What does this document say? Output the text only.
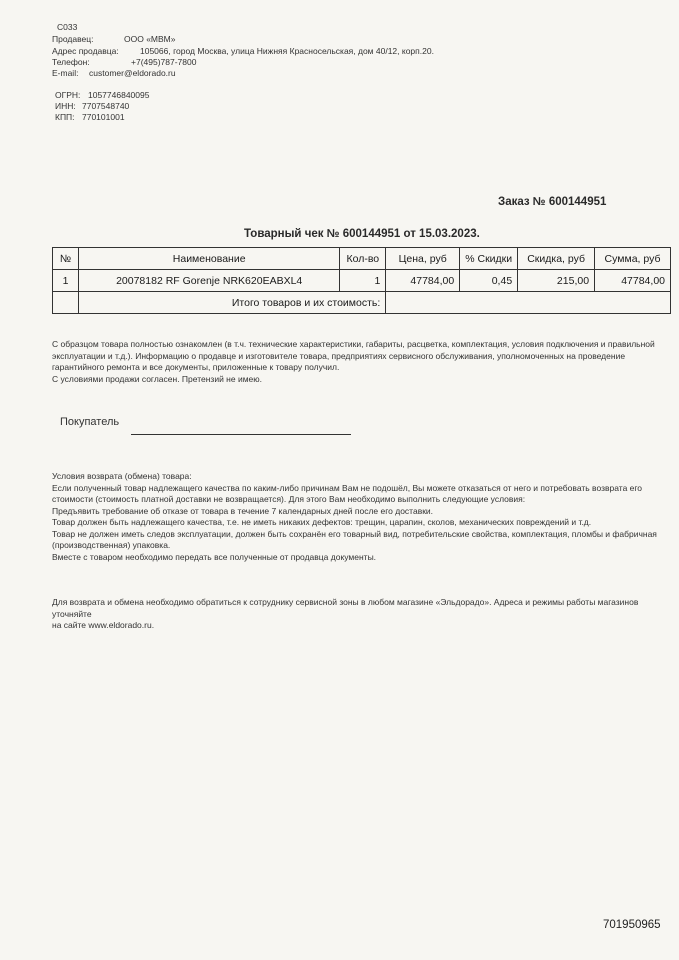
С033
Продавец:	ООО «МВМ»
Адрес продавца:	105066, город Москва, улица Нижняя Красносельская, дом 40/12, корп.20.
Телефон:	+7(495)787-7800
E-mail: customer@eldorado.ru
ОГРН: 1057746840095
ИНН: 7707548740
КПП: 770101001
Заказ № 600144951
Товарный чек № 600144951 от 15.03.2023.
№	Наименование	Кол-во	Цена, руб	% Скидки	Скидка, руб	Сумма, руб
1	20078182 RF Gorenje NRK620EABXL4	1	47784,00	0,45	215,00	47784,00
	Итого товаров и их стоимость:					
С образцом товара полностью ознакомлен (в т.ч. технические характеристики, габариты, расцветка, комплектация, условия подключения и правильной
эксплуатации и т.д.). Информацию о продавце и изготовителе товара, предприятиях сервисного обслуживания, уполномоченных на проведение
гарантийного ремонта и все документы, приложенные к товару получил.
С условиями продажи согласен. Претензий не имею.
Покупатель
Условия возврата (обмена) товара:
Если полученный товар надлежащего качества по каким-либо причинам Вам не подошёл, Вы можете отказаться от него и потребовать возврата его
стоимости (стоимость платной доставки не возвращается). Для этого Вам необходимо выполнить следующие условия:
Предъявить требование об отказе от товара в течение 7 календарных дней после его доставки.
Товар должен быть надлежащего качества, т.е. не иметь никаких дефектов: трещин, царапин, сколов, механических повреждений и т.д.
Товар не должен иметь следов эксплуатации, должен быть сохранён его товарный вид, потребительские свойства, комплектация, пломбы и фабричная
(производственная) упаковка.
Вместе с товаром необходимо передать все полученные от продавца документы.
Для возврата и обмена необходимо обратиться к сотруднику сервисной зоны в любом магазине «Эльдорадо». Адреса и режимы работы магазинов уточняйте
на сайте www.eldorado.ru.
701950965
